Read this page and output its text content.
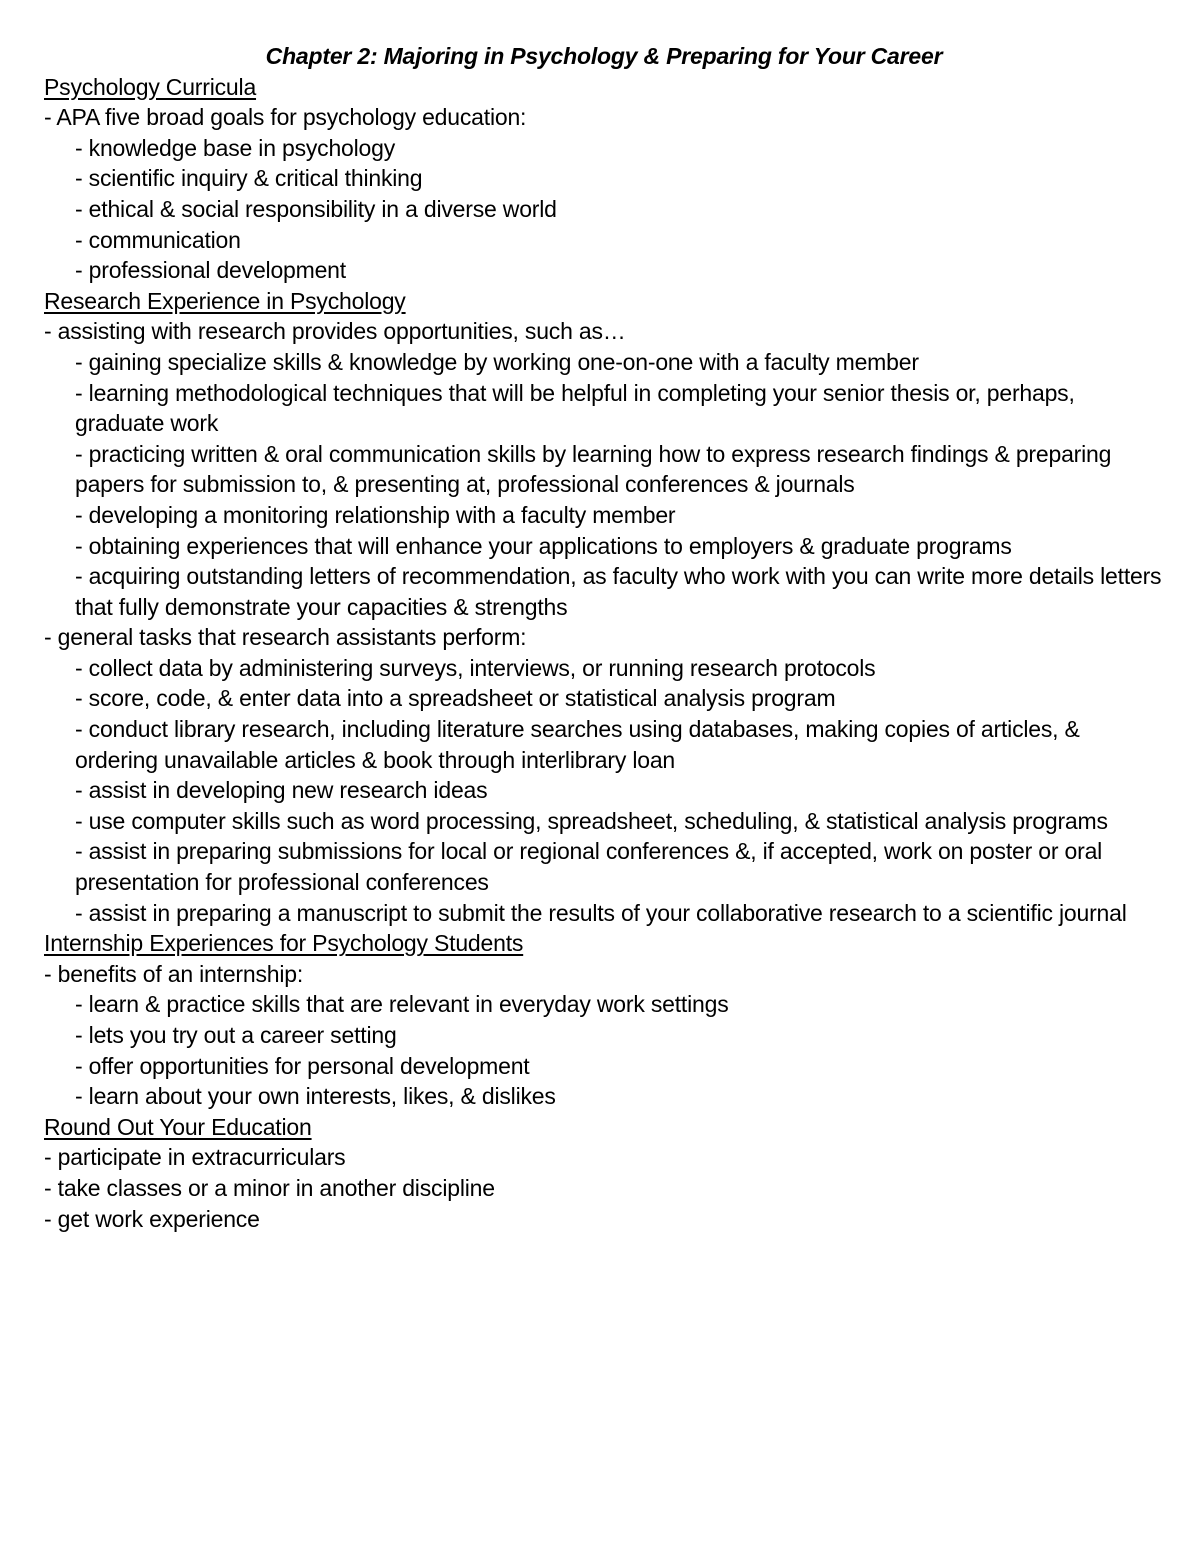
Chapter 2: Majoring in Psychology & Preparing for Your Career

Psychology Curricula

- APA five broad goals for psychology education:
- knowledge base in psychology
- scientific inquiry & critical thinking
- ethical & social responsibility in a diverse world
- communication
- professional development

Research Experience in Psychology

- assisting with research provides opportunities, such as…
- gaining specialize skills & knowledge by working one-on-one with a faculty member
- learning methodological techniques that will be helpful in completing your senior thesis or, perhaps, graduate work
- practicing written & oral communication skills by learning how to express research findings & preparing papers for submission to, & presenting at, professional conferences & journals
- developing a monitoring relationship with a faculty member
- obtaining experiences that will enhance your applications to employers & graduate programs
- acquiring outstanding letters of recommendation, as faculty who work with you can write more details letters that fully demonstrate your capacities & strengths
- general tasks that research assistants perform:
- collect data by administering surveys, interviews, or running research protocols
- score, code, & enter data into a spreadsheet or statistical analysis program
- conduct library research, including literature searches using databases, making copies of articles, & ordering unavailable articles & book through interlibrary loan
- assist in developing new research ideas
- use computer skills such as word processing, spreadsheet, scheduling, & statistical analysis programs
- assist in preparing submissions for local or regional conferences &, if accepted, work on poster or oral presentation for professional conferences
- assist in preparing a manuscript to submit the results of your collaborative research to a scientific journal

Internship Experiences for Psychology Students

- benefits of an internship:
- learn & practice skills that are relevant in everyday work settings
- lets you try out a career setting
- offer opportunities for personal development
- learn about your own interests, likes, & dislikes

Round Out Your Education

- participate in extracurriculars
- take classes or a minor in another discipline
- get work experience
